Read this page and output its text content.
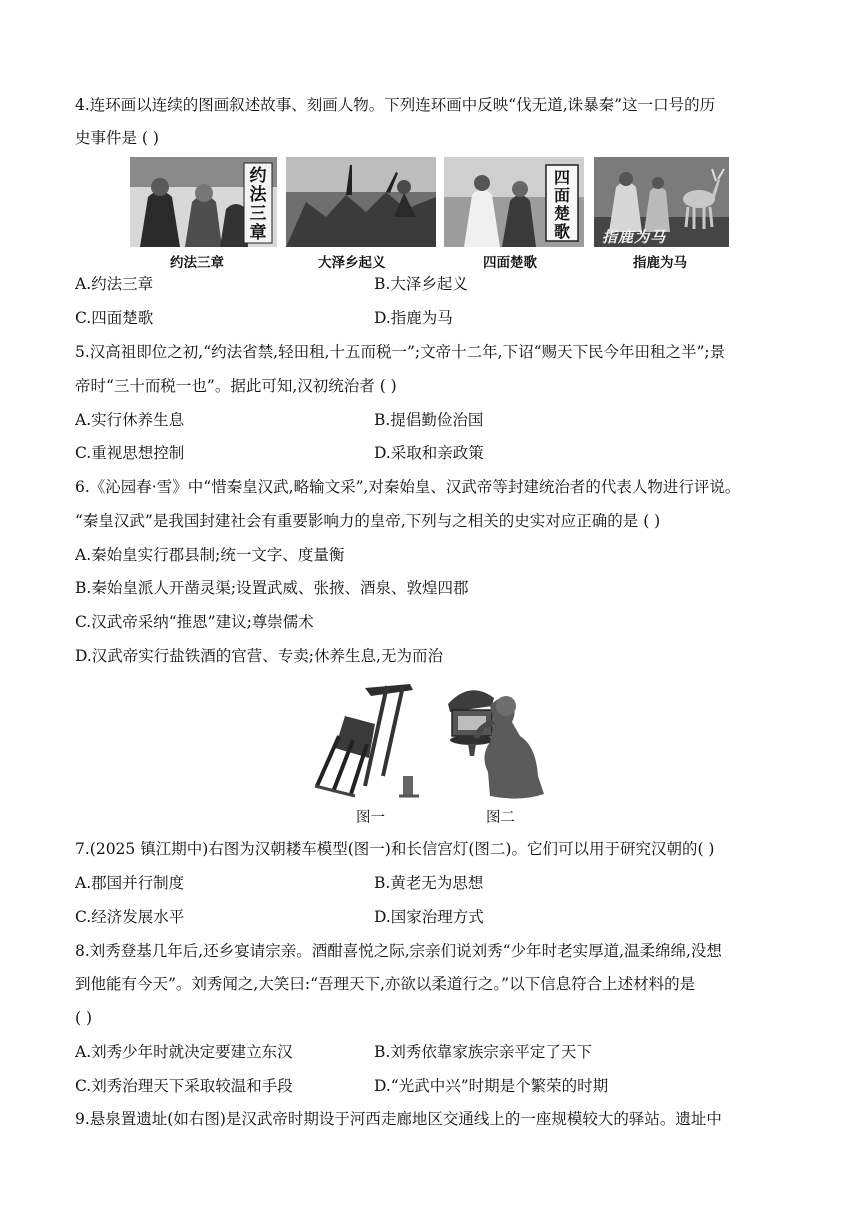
4.连环画以连续的图画叙述故事、刻画人物。下列连环画中反映“伐无道,诛暴秦”这一口号的历
史事件是 ( )
约法三章
四面楚歌 指鹿为马
约法三章	大泽乡起义	四面楚歌	指鹿为马
A.约法三章	B.大泽乡起义
C.四面楚歌	D.指鹿为马
5.汉高祖即位之初,“约法省禁,轻田租,十五而税一”;文帝十二年,下诏“赐天下民今年田租之半”;景
帝时“三十而税一也”。据此可知,汉初统治者 ( )
A.实行休养生息	B.提倡勤俭治国
C.重视思想控制	D.采取和亲政策
6.《沁园春·雪》中“惜秦皇汉武,略输文采”,对秦始皇、汉武帝等封建统治者的代表人物进行评说。
“秦皇汉武”是我国封建社会有重要影响力的皇帝,下列与之相关的史实对应正确的是 ( )
A.秦始皇实行郡县制;统一文字、度量衡
B.秦始皇派人开凿灵渠;设置武威、张掖、酒泉、敦煌四郡
C.汉武帝采纳“推恩”建议;尊崇儒术
D.汉武帝实行盐铁酒的官营、专卖;休养生息,无为而治
图一	图二
7.(2025 镇江期中)右图为汉朝耧车模型(图一)和长信宫灯(图二)。它们可以用于研究汉朝的( )
A.郡国并行制度	B.黄老无为思想
C.经济发展水平	D.国家治理方式
8.刘秀登基几年后,还乡宴请宗亲。酒酣喜悦之际,宗亲们说刘秀“少年时老实厚道,温柔绵绵,没想
到他能有今天”。刘秀闻之,大笑曰:“吾理天下,亦欲以柔道行之。”以下信息符合上述材料的是
( )
A.刘秀少年时就决定要建立东汉	B.刘秀依靠家族宗亲平定了天下
C.刘秀治理天下采取较温和手段	D.“光武中兴”时期是个繁荣的时期
9.悬泉置遗址(如右图)是汉武帝时期设于河西走廊地区交通线上的一座规模较大的驿站。遗址中
